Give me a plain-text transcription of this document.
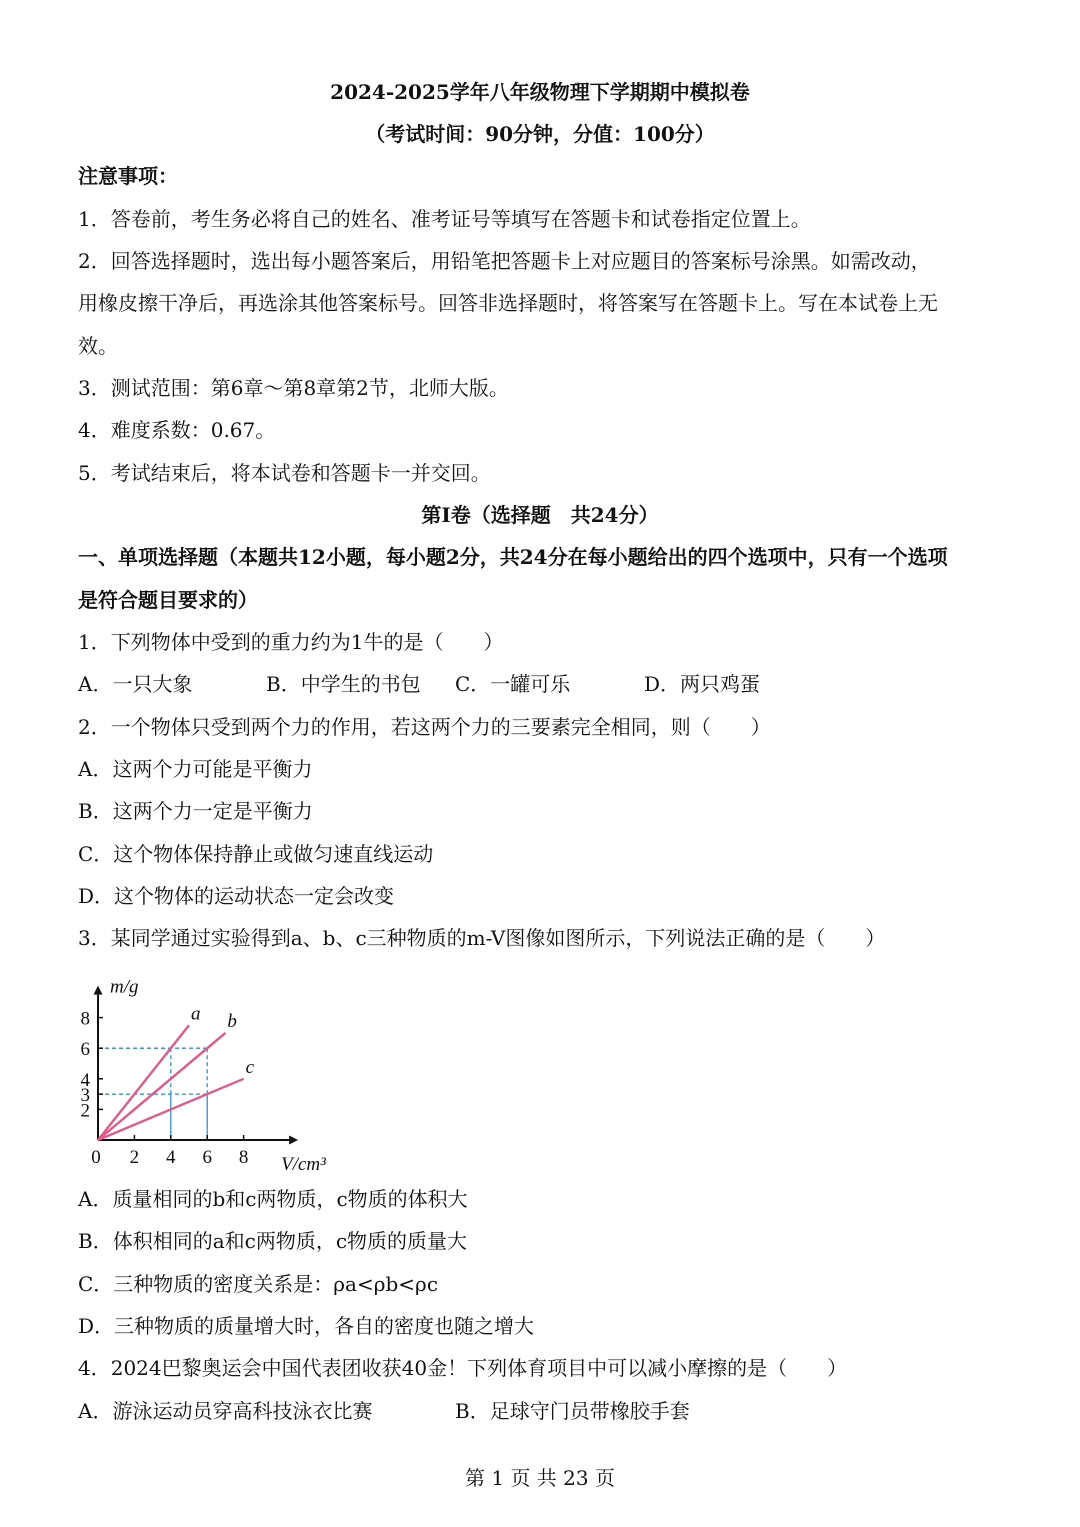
2024-2025学年八年级物理下学期期中模拟卷
（考试时间：90分钟，分值：100分）
注意事项：
1．答卷前，考生务必将自己的姓名、准考证号等填写在答题卡和试卷指定位置上。
2．回答选择题时，选出每小题答案后，用铅笔把答题卡上对应题目的答案标号涂黑。如需改动，
用橡皮擦干净后，再选涂其他答案标号。回答非选择题时，将答案写在答题卡上。写在本试卷上无
效。
3．测试范围：第6章～第8章第2节，北师大版。
4．难度系数：0.67。
5．考试结束后，将本试卷和答题卡一并交回。
第Ⅰ卷（选择题　共24分）
一、单项选择题（本题共12小题，每小题2分，共24分在每小题给出的四个选项中，只有一个选项
是符合题目要求的）
1．下列物体中受到的重力约为1牛的是（　　）
A．一只大象	B．中学生的书包	C．一罐可乐	D．两只鸡蛋
2．一个物体只受到两个力的作用，若这两个力的三要素完全相同，则（　　）
A．这两个力可能是平衡力
B．这两个力一定是平衡力
C．这个物体保持静止或做匀速直线运动
D．这个物体的运动状态一定会改变
3．某同学通过实验得到a、b、c三种物质的m-V图像如图所示，下列说法正确的是（　　）
0 2 4 6 8
2
3
4
6
8
m/g
V/cm³
a b
c
A．质量相同的b和c两物质，c物质的体积大
B．体积相同的a和c两物质，c物质的质量大
C．三种物质的密度关系是：ρa<ρb<ρc
D．三种物质的质量增大时，各自的密度也随之增大
4．2024巴黎奥运会中国代表团收获40金！下列体育项目中可以减小摩擦的是（　　）
A．游泳运动员穿高科技泳衣比赛	B．足球守门员带橡胶手套
第 1 页 共 23 页
